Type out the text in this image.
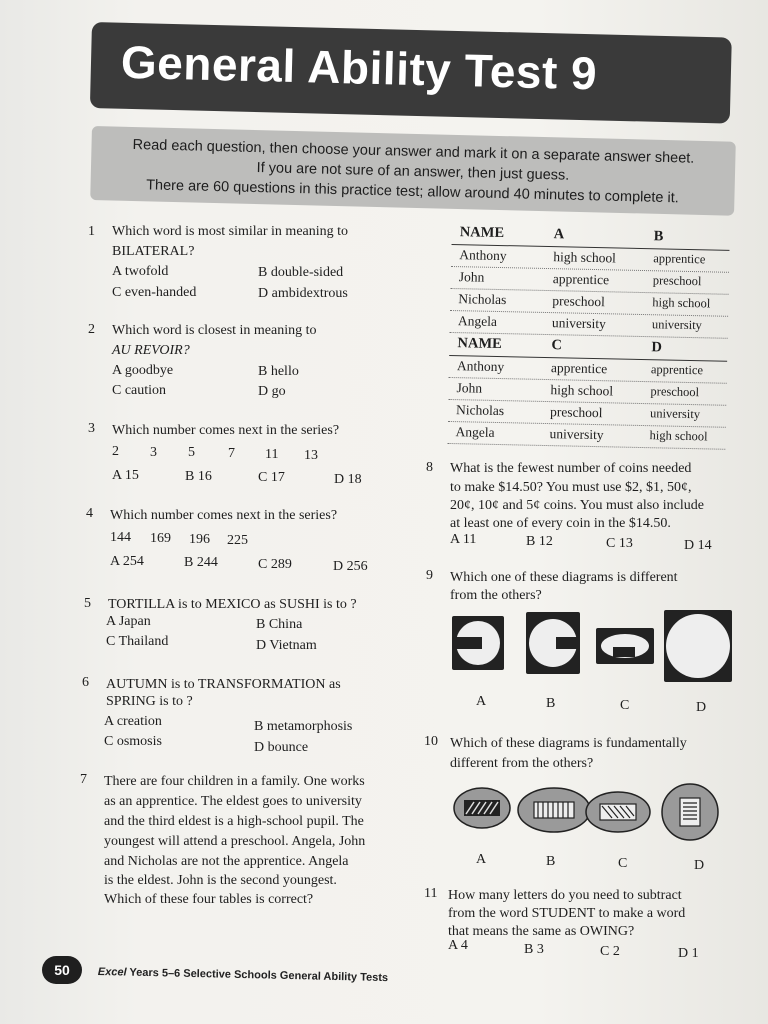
General Ability Test 9
Read each question, then choose your answer and mark it on a separate answer sheet.
If you are not sure of an answer, then just guess.
There are 60 questions in this practice test; allow around 40 minutes to complete it.
1 Which word is most similar in meaning to
BILATERAL?
A twofold	B double-sided
C even-handed	D ambidextrous
2 Which word is closest in meaning to
AU REVOIR?
A goodbye	B hello
C caution	D go
3 Which number comes next in the series?
2 3 5 7 11 13
A 15	B 16	C 17	D 18
4 Which number comes next in the series?
144 169 196 225
A 254	B 244	C 289	D 256
5 TORTILLA is to MEXICO as SUSHI is to ?
A Japan	B China
C Thailand	D Vietnam
6 AUTUMN is to TRANSFORMATION as
SPRING is to ?
A creation	B metamorphosis
C osmosis	D bounce
7 There are four children in a family. One works
as an apprentice. The eldest goes to university
and the third eldest is a high-school pupil. The
youngest will attend a preschool. Angela, John
and Nicholas are not the apprentice. Angela
is the eldest. John is the second youngest.
Which of these four tables is correct?
NAME	A	B
Anthony	high school	apprentice
John	apprentice	preschool
Nicholas	preschool	high school
Angela	university	university
NAME	C	D
Anthony	apprentice	apprentice
John	high school	preschool
Nicholas	preschool	university
Angela	university	high school
8 What is the fewest number of coins needed
to make $14.50? You must use $2, $1, 50¢,
20¢, 10¢ and 5¢ coins. You must also include
at least one of every coin in the $14.50.
A 11	B 12	C 13	D 14
9 Which one of these diagrams is different
from the others?
A	B	C	D
10 Which of these diagrams is fundamentally
different from the others?
A	B	C	D
11 How many letters do you need to subtract
from the word STUDENT to make a word
that means the same as OWING?
A 4	B 3	C 2	D 1
50	Excel Years 5–6 Selective Schools General Ability Tests
